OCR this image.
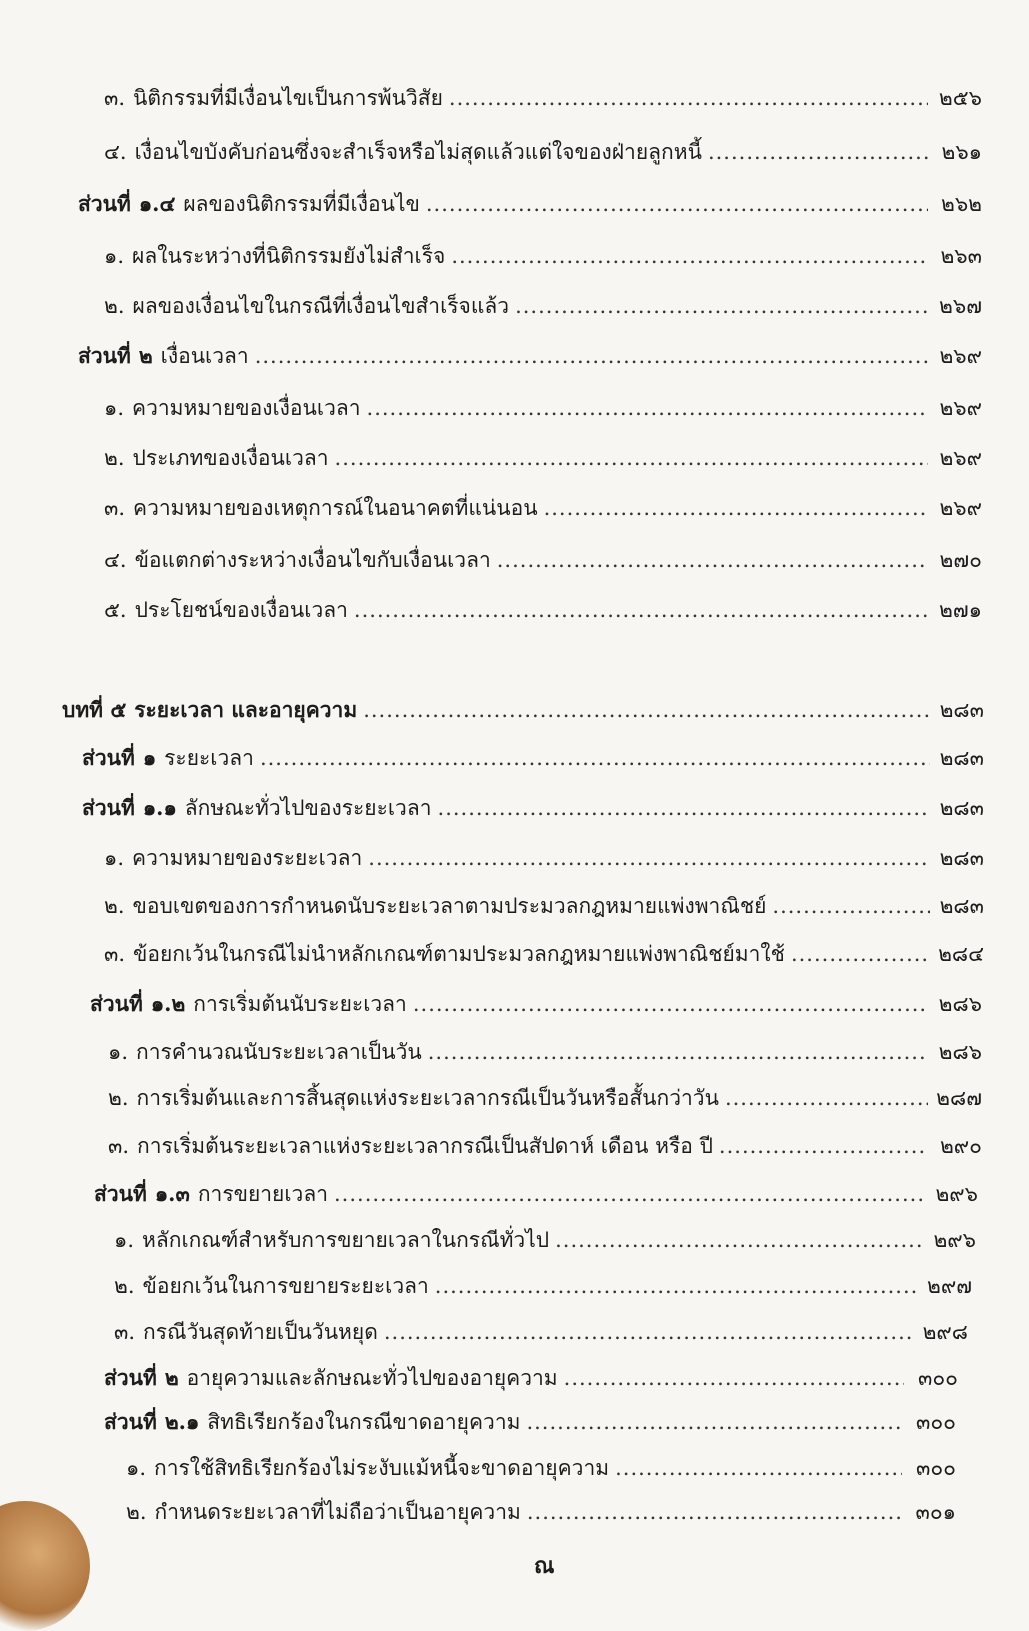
๓. นิติกรรมที่มีเงื่อนไขเป็นการพ้นวิสัย .....	๒๕๖
๔. เงื่อนไขบังคับก่อนซึ่งจะสำเร็จหรือไม่สุดแล้วแต่ใจของฝ่ายลูกหนี้ .....	๒๖๑
ส่วนที่ ๑.๔ ผลของนิติกรรมที่มีเงื่อนไข .....	๒๖๒
๑. ผลในระหว่างที่นิติกรรมยังไม่สำเร็จ .....	๒๖๓
๒. ผลของเงื่อนไขในกรณีที่เงื่อนไขสำเร็จแล้ว .....	๒๖๗
ส่วนที่ ๒ เงื่อนเวลา .....	๒๖๙
๑. ความหมายของเงื่อนเวลา .....	๒๖๙
๒. ประเภทของเงื่อนเวลา .....	๒๖๙
๓. ความหมายของเหตุการณ์ในอนาคตที่แน่นอน .....	๒๖๙
๔. ข้อแตกต่างระหว่างเงื่อนไขกับเงื่อนเวลา .....	๒๗๐
๕. ประโยชน์ของเงื่อนเวลา .....	๒๗๑
บทที่ ๕ ระยะเวลา และอายุความ .....	๒๘๓
ส่วนที่ ๑ ระยะเวลา .....	๒๘๓
ส่วนที่ ๑.๑ ลักษณะทั่วไปของระยะเวลา .....	๒๘๓
๑. ความหมายของระยะเวลา .....	๒๘๓
๒. ขอบเขตของการกำหนดนับระยะเวลาตามประมวลกฎหมายแพ่งพาณิชย์ .....	๒๘๓
๓. ข้อยกเว้นในกรณีไม่นำหลักเกณฑ์ตามประมวลกฎหมายแพ่งพาณิชย์มาใช้ .....	๒๘๔
ส่วนที่ ๑.๒ การเริ่มต้นนับระยะเวลา .....	๒๘๖
๑. การคำนวณนับระยะเวลาเป็นวัน .....	๒๘๖
๒. การเริ่มต้นและการสิ้นสุดแห่งระยะเวลากรณีเป็นวันหรือสั้นกว่าวัน .....	๒๘๗
๓. การเริ่มต้นระยะเวลาแห่งระยะเวลากรณีเป็นสัปดาห์ เดือน หรือ ปี .....	๒๙๐
ส่วนที่ ๑.๓ การขยายเวลา .....	๒๙๖
๑. หลักเกณฑ์สำหรับการขยายเวลาในกรณีทั่วไป .....	๒๙๖
๒. ข้อยกเว้นในการขยายระยะเวลา .....	๒๙๗
๓. กรณีวันสุดท้ายเป็นวันหยุด .....	๒๙๘
ส่วนที่ ๒ อายุความและลักษณะทั่วไปของอายุความ .....	๓๐๐
ส่วนที่ ๒.๑ สิทธิเรียกร้องในกรณีขาดอายุความ .....	๓๐๐
๑. การใช้สิทธิเรียกร้องไม่ระงับแม้หนี้จะขาดอายุความ .....	๓๐๐
๒. กำหนดระยะเวลาที่ไม่ถือว่าเป็นอายุความ .....	๓๐๑
ณ
